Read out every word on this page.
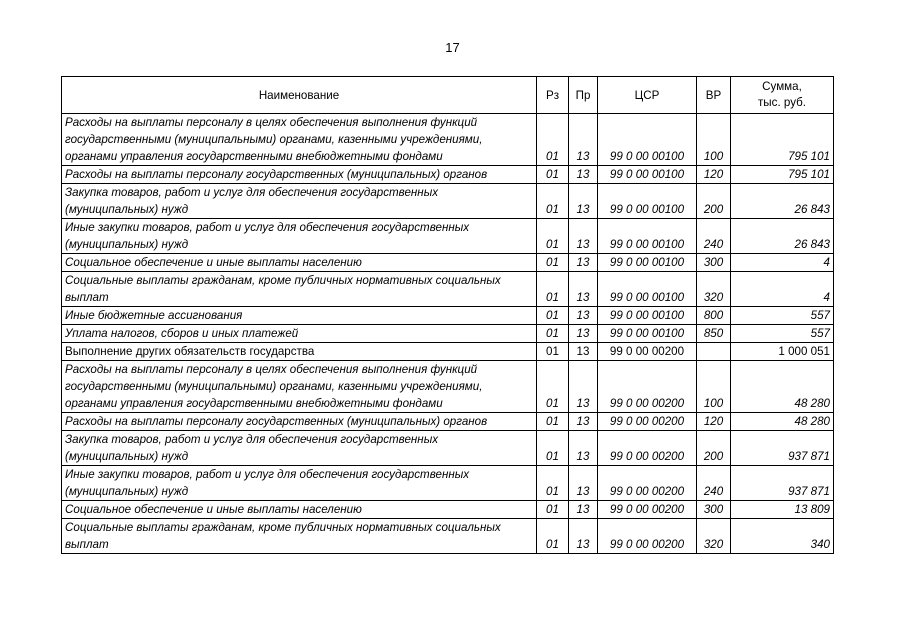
17
Наименование	Рз	Пр	ЦСР	ВР	Сумма,
тыс. руб.
Расходы на выплаты персоналу в целях обеспечения выполнения функций государственными (муниципальными) органами, казенными учреждениями, органами управления государственными внебюджетными фондами	01	13	99 0 00 00100	100	795 101
Расходы на выплаты персоналу государственных (муниципальных) органов	01	13	99 0 00 00100	120	795 101
Закупка товаров, работ и услуг для обеспечения государственных (муниципальных) нужд	01	13	99 0 00 00100	200	26 843
Иные закупки товаров, работ и услуг для обеспечения государственных (муниципальных) нужд	01	13	99 0 00 00100	240	26 843
Социальное обеспечение и иные выплаты населению	01	13	99 0 00 00100	300	4
Социальные выплаты гражданам, кроме публичных нормативных социальных выплат	01	13	99 0 00 00100	320	4
Иные бюджетные ассигнования	01	13	99 0 00 00100	800	557
Уплата налогов, сборов и иных платежей	01	13	99 0 00 00100	850	557
Выполнение других обязательств государства	01	13	99 0 00 00200		1 000 051
Расходы на выплаты персоналу в целях обеспечения выполнения функций государственными (муниципальными) органами, казенными учреждениями, органами управления государственными внебюджетными фондами	01	13	99 0 00 00200	100	48 280
Расходы на выплаты персоналу государственных (муниципальных) органов	01	13	99 0 00 00200	120	48 280
Закупка товаров, работ и услуг для обеспечения государственных (муниципальных) нужд	01	13	99 0 00 00200	200	937 871
Иные закупки товаров, работ и услуг для обеспечения государственных (муниципальных) нужд	01	13	99 0 00 00200	240	937 871
Социальное обеспечение и иные выплаты населению	01	13	99 0 00 00200	300	13 809
Социальные выплаты гражданам, кроме публичных нормативных социальных выплат	01	13	99 0 00 00200	320	340
